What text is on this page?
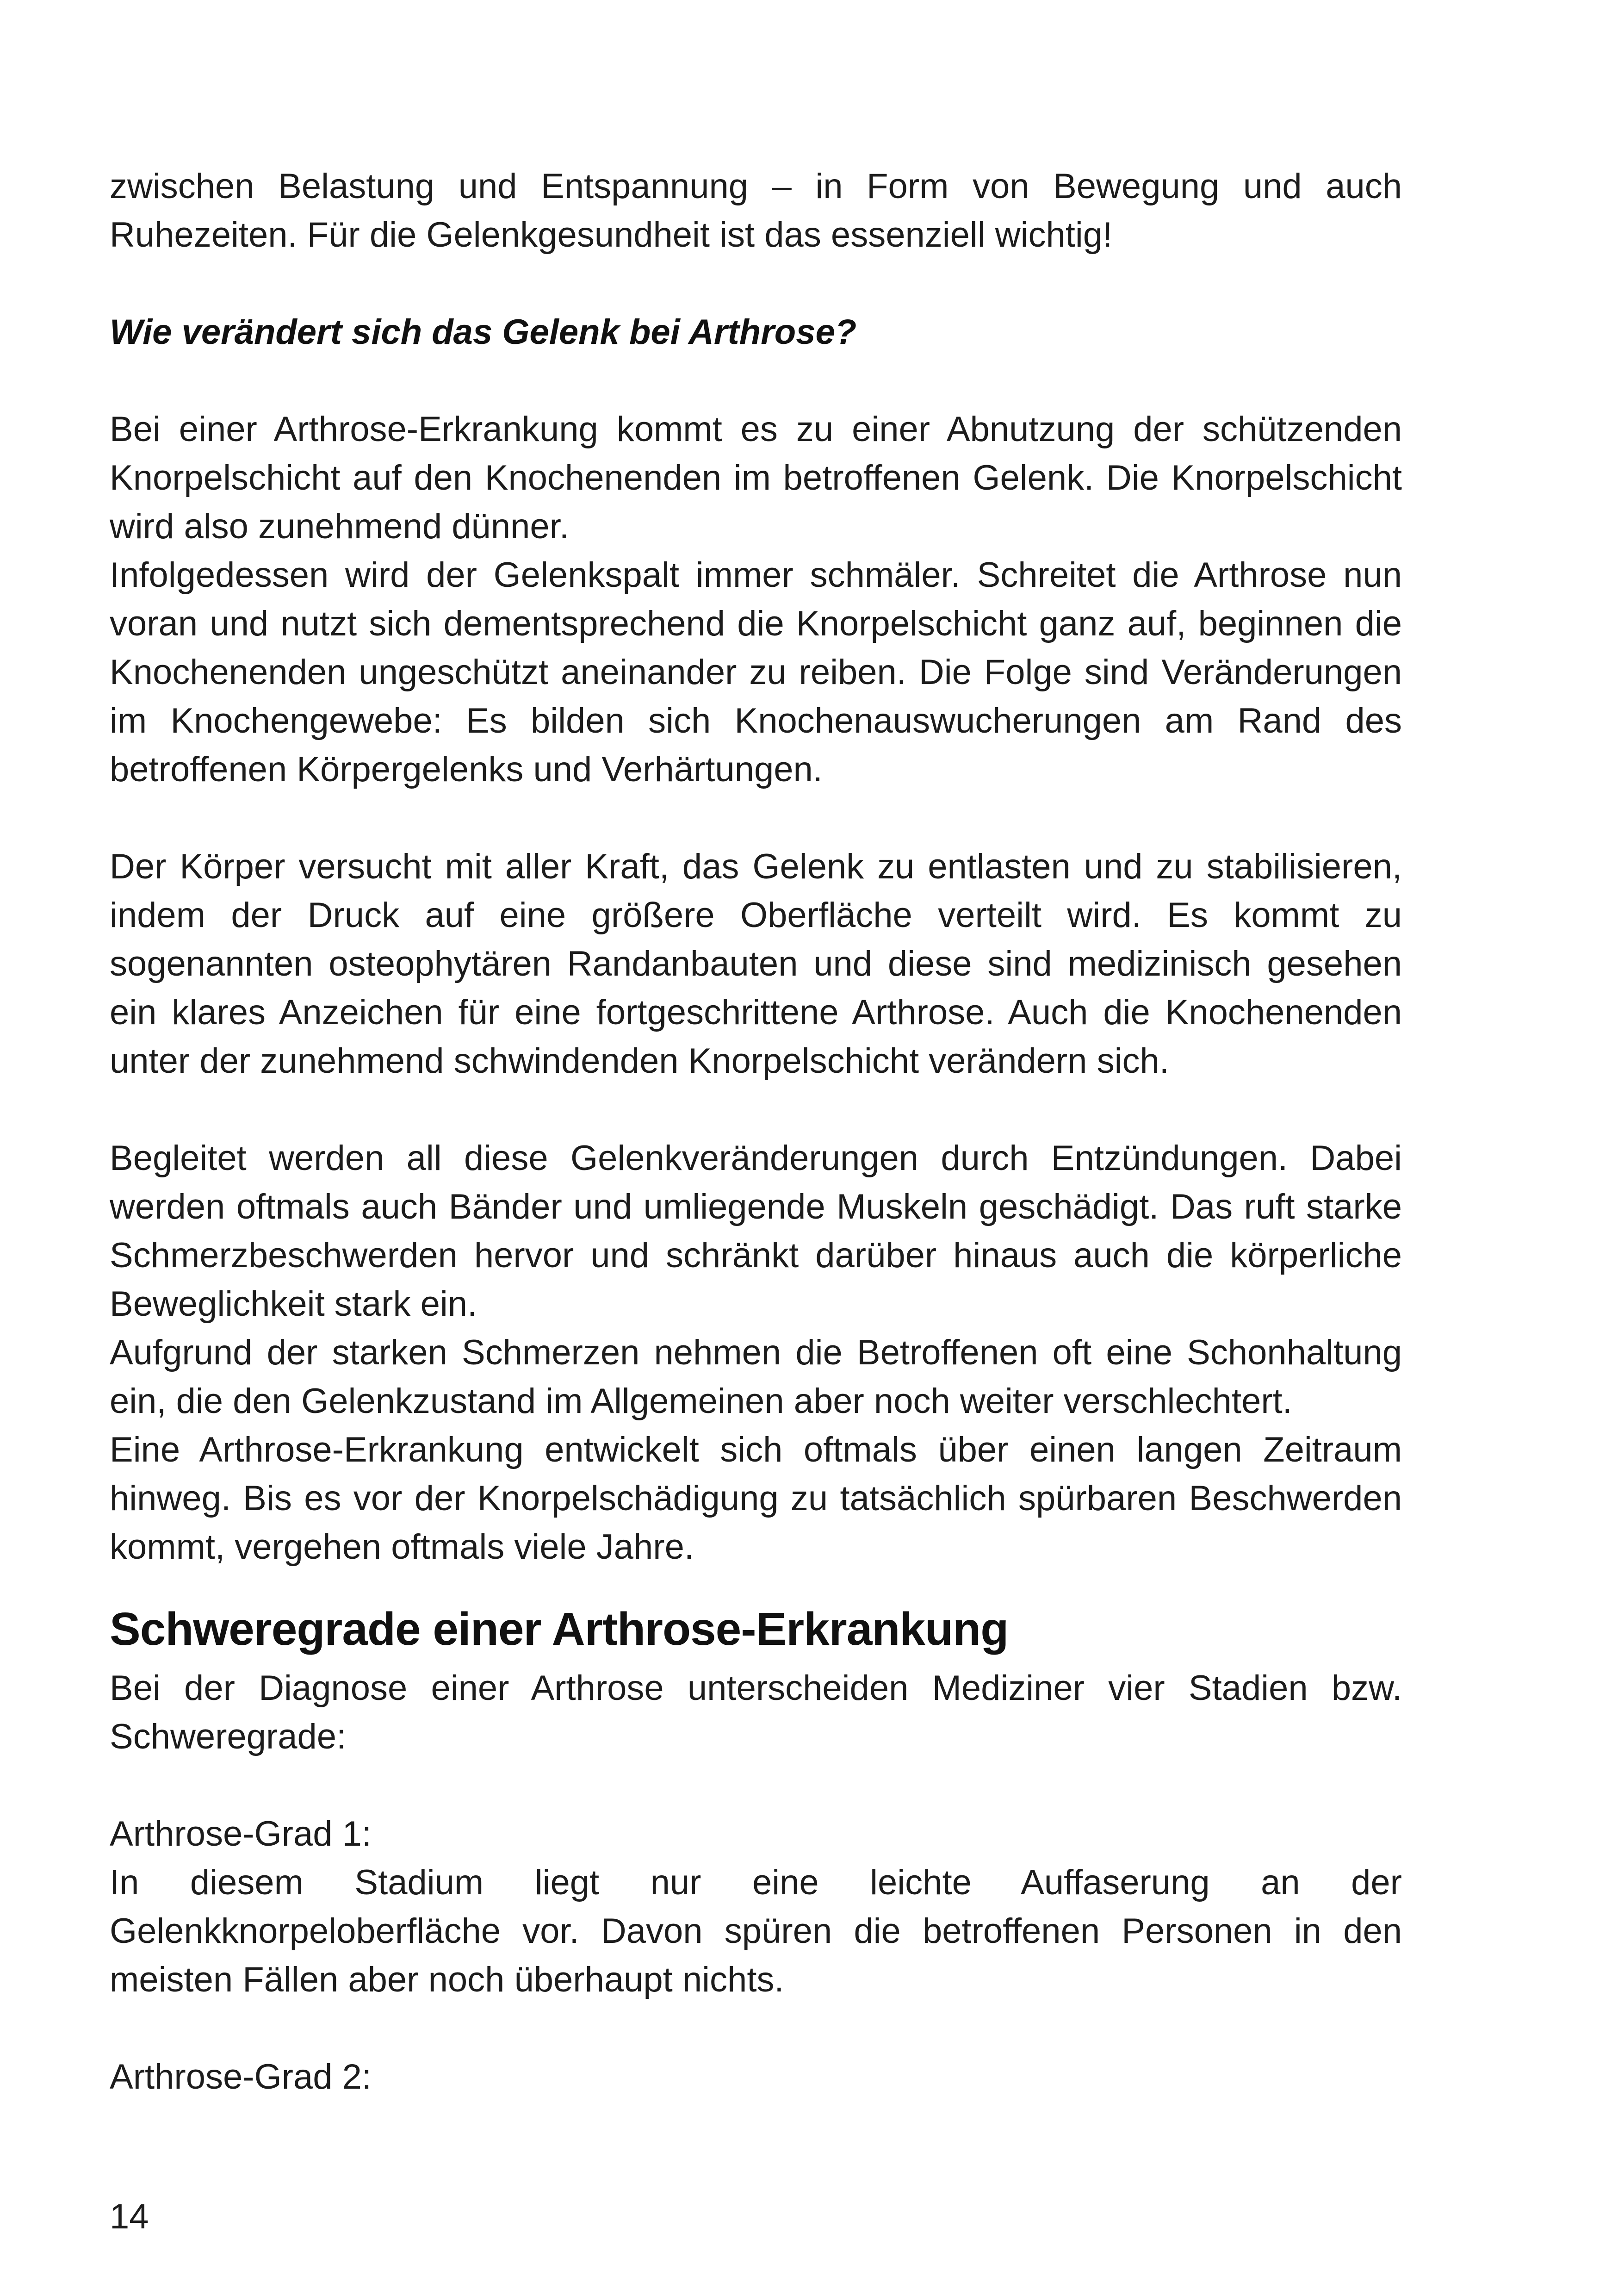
zwischen Belastung und Entspannung – in Form von Bewegung und auch Ruhezeiten. Für die Gelenkgesundheit ist das essenziell wichtig!

Wie verändert sich das Gelenk bei Arthrose?

Bei einer Arthrose-Erkrankung kommt es zu einer Abnutzung der schützenden Knorpelschicht auf den Knochenenden im betroffenen Gelenk. Die Knorpelschicht wird also zunehmend dünner.

Infolgedessen wird der Gelenkspalt immer schmäler. Schreitet die Arthrose nun voran und nutzt sich dementsprechend die Knorpelschicht ganz auf, beginnen die Knochenenden ungeschützt aneinander zu reiben. Die Folge sind Veränderungen im Knochengewebe: Es bilden sich Knochenauswucherungen am Rand des betroffenen Körpergelenks und Verhärtungen.

Der Körper versucht mit aller Kraft, das Gelenk zu entlasten und zu stabilisieren, indem der Druck auf eine größere Oberfläche verteilt wird. Es kommt zu sogenannten osteophytären Randanbauten und diese sind medizinisch gesehen ein klares Anzeichen für eine fortgeschrittene Arthrose. Auch die Knochenenden unter der zunehmend schwindenden Knorpelschicht verändern sich.

Begleitet werden all diese Gelenkveränderungen durch Entzündungen. Dabei werden oftmals auch Bänder und umliegende Muskeln geschädigt. Das ruft starke Schmerzbeschwerden hervor und schränkt darüber hinaus auch die körperliche Beweglichkeit stark ein.

Aufgrund der starken Schmerzen nehmen die Betroffenen oft eine Schonhaltung ein, die den Gelenkzustand im Allgemeinen aber noch weiter verschlechtert.

Eine Arthrose-Erkrankung entwickelt sich oftmals über einen langen Zeitraum hinweg. Bis es vor der Knorpelschädigung zu tatsächlich spürbaren Beschwerden kommt, vergehen oftmals viele Jahre.

Schweregrade einer Arthrose-Erkrankung

Bei der Diagnose einer Arthrose unterscheiden Mediziner vier Stadien bzw. Schweregrade:

Arthrose-Grad 1:

In diesem Stadium liegt nur eine leichte Auffaserung an der Gelenkknorpeloberfläche vor. Davon spüren die betroffenen Personen in den meisten Fällen aber noch überhaupt nichts.

Arthrose-Grad 2:

14
